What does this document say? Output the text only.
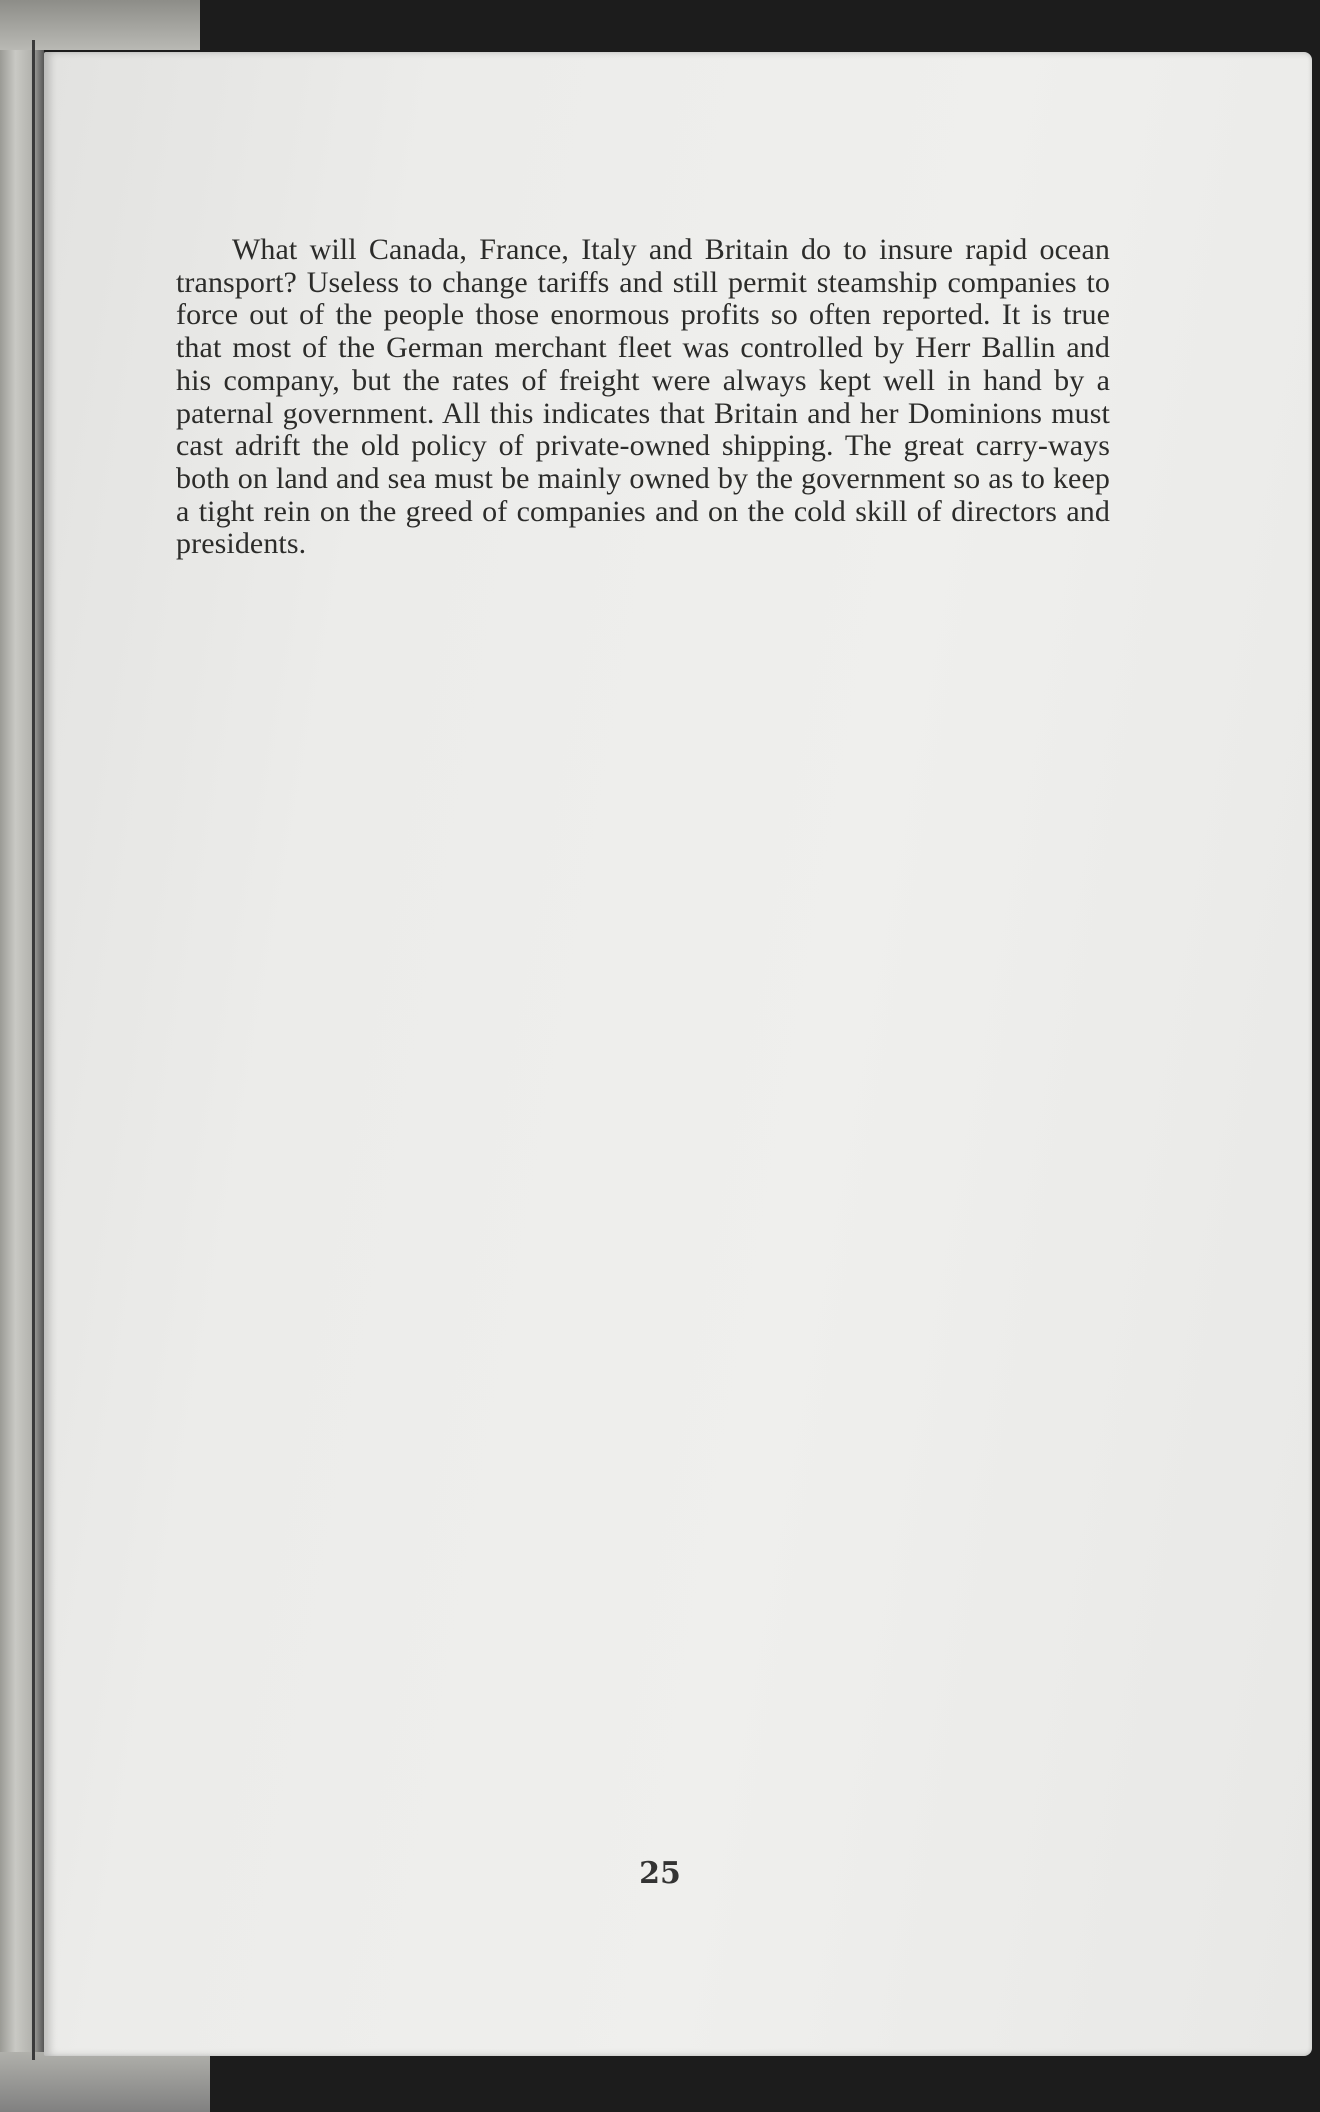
What will Canada, France, Italy and Britain do to insure rapid ocean transport? Useless to change tariffs and still permit steamship companies to force out of the people those enormous profits so often reported. It is true that most of the German merchant fleet was controlled by Herr Ballin and his company, but the rates of freight were always kept well in hand by a paternal government. All this indicates that Britain and her Dominions must cast adrift the old policy of private-owned shipping. The great carry-ways both on land and sea must be mainly owned by the government so as to keep a tight rein on the greed of companies and on the cold skill of directors and presidents.

25
